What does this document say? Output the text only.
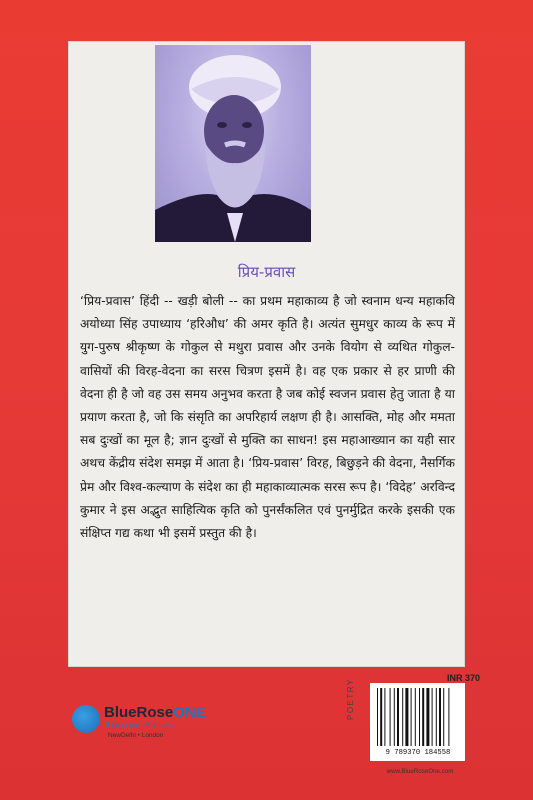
प्रिय-प्रवास

‘प्रिय-प्रवास’ हिंदी -- खड़ी बोली -- का प्रथम महाकाव्य है जो स्वनाम धन्य महाकवि अयोध्या सिंह उपाध्याय ‘हरिऔध’ की अमर कृति है। अत्यंत सुमधुर काव्य के रूप में युग-पुरुष श्रीकृष्ण के गोकुल से मथुरा प्रवास और उनके वियोग से व्यथित गोकुल-वासियों की विरह-वेदना का सरस चित्रण इसमें है। वह एक प्रकार से हर प्राणी की वेदना ही है जो वह उस समय अनुभव करता है जब कोई स्वजन प्रवास हेतु जाता है या प्रयाण करता है, जो कि संसृति का अपरिहार्य लक्षण ही है। आसक्ति, मोह और ममता सब दुःखों का मूल है; ज्ञान दुःखों से मुक्ति का साधन! इस महाआख्यान का यही सार अथच केंद्रीय संदेश समझ में आता है। ‘प्रिय-प्रवास’ विरह, बिछुड़ने की वेदना, नैसर्गिक प्रेम और विश्व-कल्याण के संदेश का ही महाकाव्यात्मक सरस रूप है। ‘विदेह’ अरविन्द कुमार ने इस अद्भुत साहित्यिक कृति को पुनर्संकलित एवं पुनर्मुद्रित करके इसकी एक संक्षिप्त गद्य कथा भी इसमें प्रस्तुत की है।

BlueRoseONE
Stories Matter
NewDelhi • London
INR 370
POETRY
9 789370 184558
www.BlueRoseOne.com
